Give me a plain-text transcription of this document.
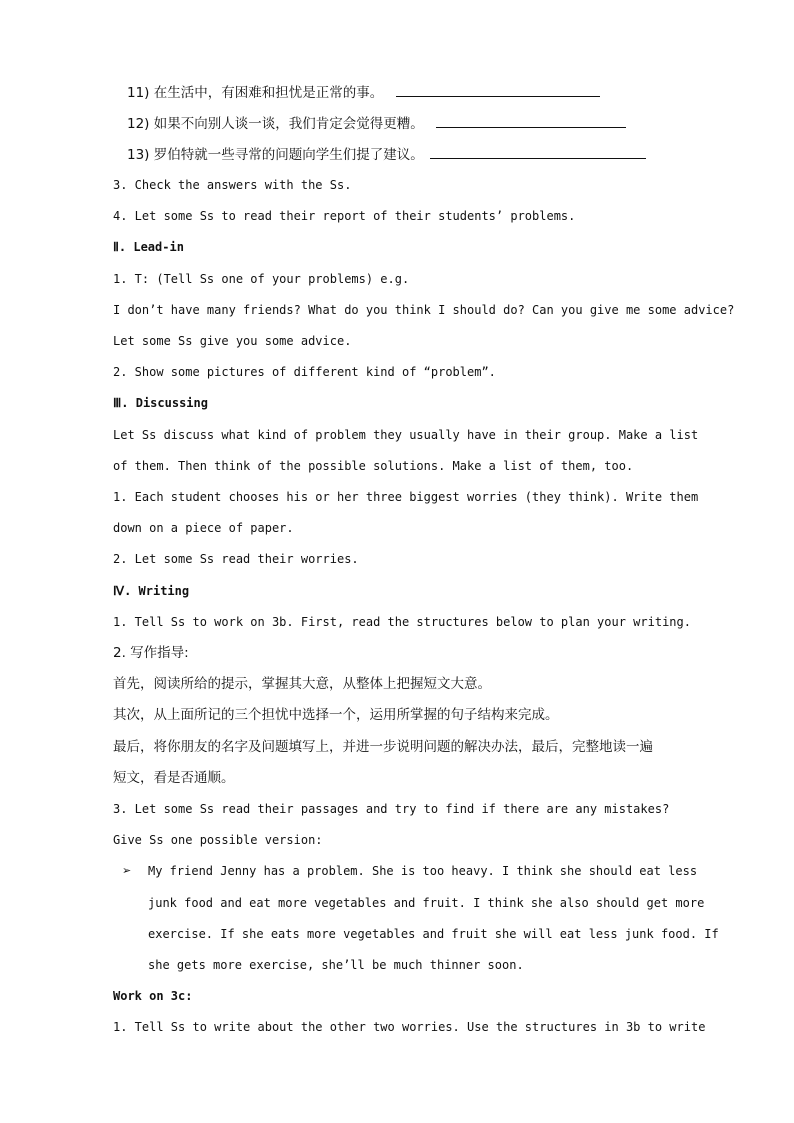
11) 在生活中，有困难和担忧是正常的事。
12) 如果不向别人谈一谈，我们肯定会觉得更糟。
13) 罗伯特就一些寻常的问题向学生们提了建议。
3. Check the answers with the Ss.
4. Let some Ss to read their report of their students’ problems.
Ⅱ. Lead-in
1. T: (Tell Ss one of your problems) e.g.
I don’t have many friends? What do you think I should do? Can you give me some advice?
Let some Ss give you some advice.
2. Show some pictures of different kind of “problem”.
Ⅲ. Discussing
Let Ss discuss what kind of problem they usually have in their group. Make a list
of them. Then think of the possible solutions. Make a list of them, too.
1. Each student chooses his or her three biggest worries (they think). Write them
down on a piece of paper.
2. Let some Ss read their worries.
Ⅳ. Writing
1. Tell Ss to work on 3b. First, read the structures below to plan your writing.
2. 写作指导:
首先，阅读所给的提示，掌握其大意，从整体上把握短文大意。
其次，从上面所记的三个担忧中选择一个，运用所掌握的句子结构来完成。
最后，将你朋友的名字及问题填写上，并进一步说明问题的解决办法，最后，完整地读一遍
短文，看是否通顺。
3. Let some Ss read their passages and try to find if there are any mistakes?
Give Ss one possible version:
➢ My friend Jenny has a problem. She is too heavy. I think she should eat less
junk food and eat more vegetables and fruit. I think she also should get more
exercise. If she eats more vegetables and fruit she will eat less junk food. If
she gets more exercise, she’ll be much thinner soon.
Work on 3c:
1. Tell Ss to write about the other two worries. Use the structures in 3b to write
